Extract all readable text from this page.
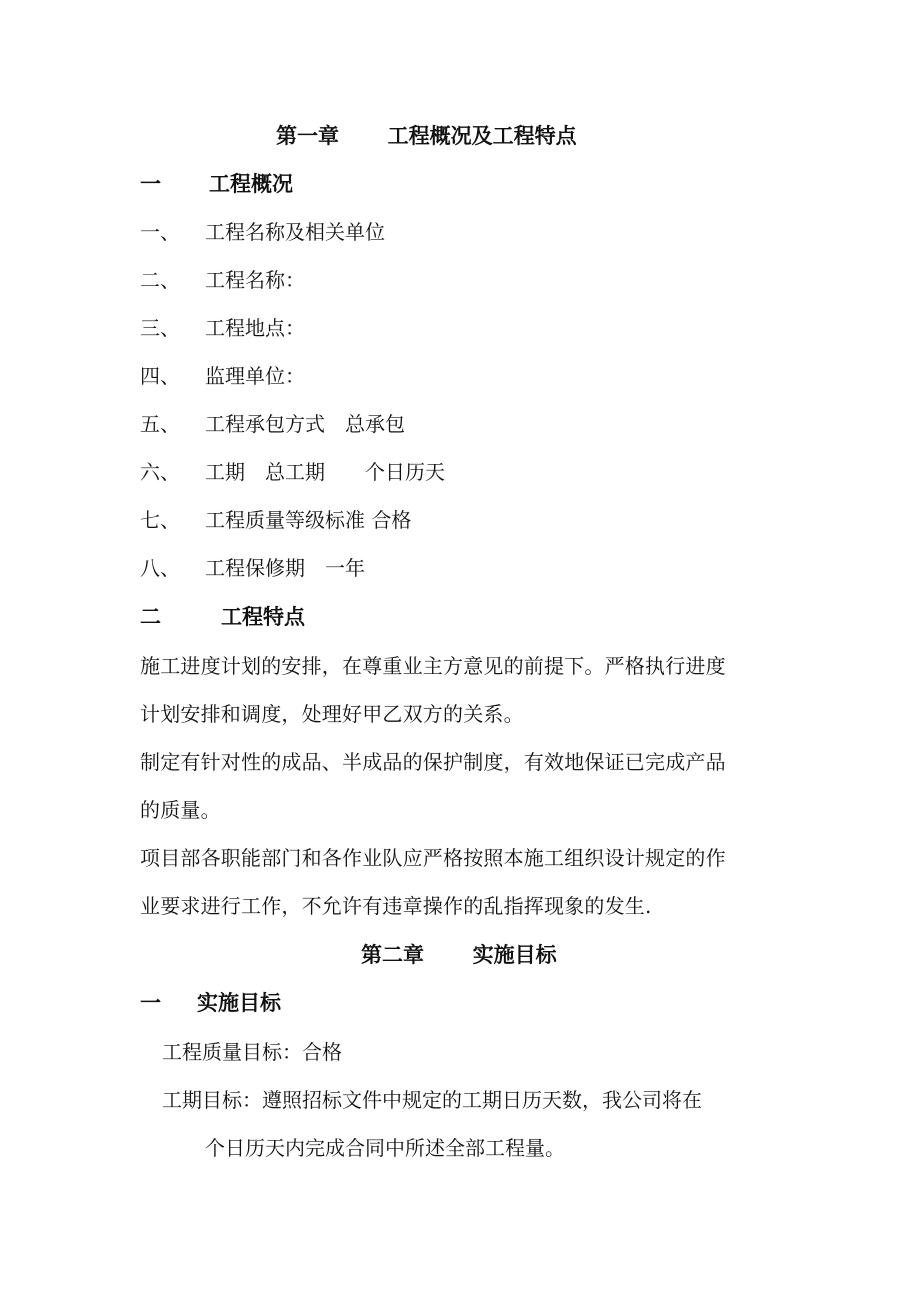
第一章 工程概况及工程特点
一 工程概况
一、 工程名称及相关单位
二、 工程名称：
三、 工程地点：
四、 监理单位：
五、 工程承包方式　总承包
六、 工期　总工期　　个日历天
七、 工程质量等级标准 合格
八、 工程保修期　一年
二	工程特点
施工进度计划的安排，在尊重业主方意见的前提下。严格执行进度
计划安排和调度，处理好甲乙双方的关系。
制定有针对性的成品、半成品的保护制度，有效地保证已完成产品
的质量。
项目部各职能部门和各作业队应严格按照本施工组织设计规定的作
业要求进行工作，不允许有违章操作的乱指挥现象的发生.
第二章 实施目标
一 实施目标
工程质量目标：合格
工期目标：遵照招标文件中规定的工期日历天数，我公司将在
个日历天内完成合同中所述全部工程量。
